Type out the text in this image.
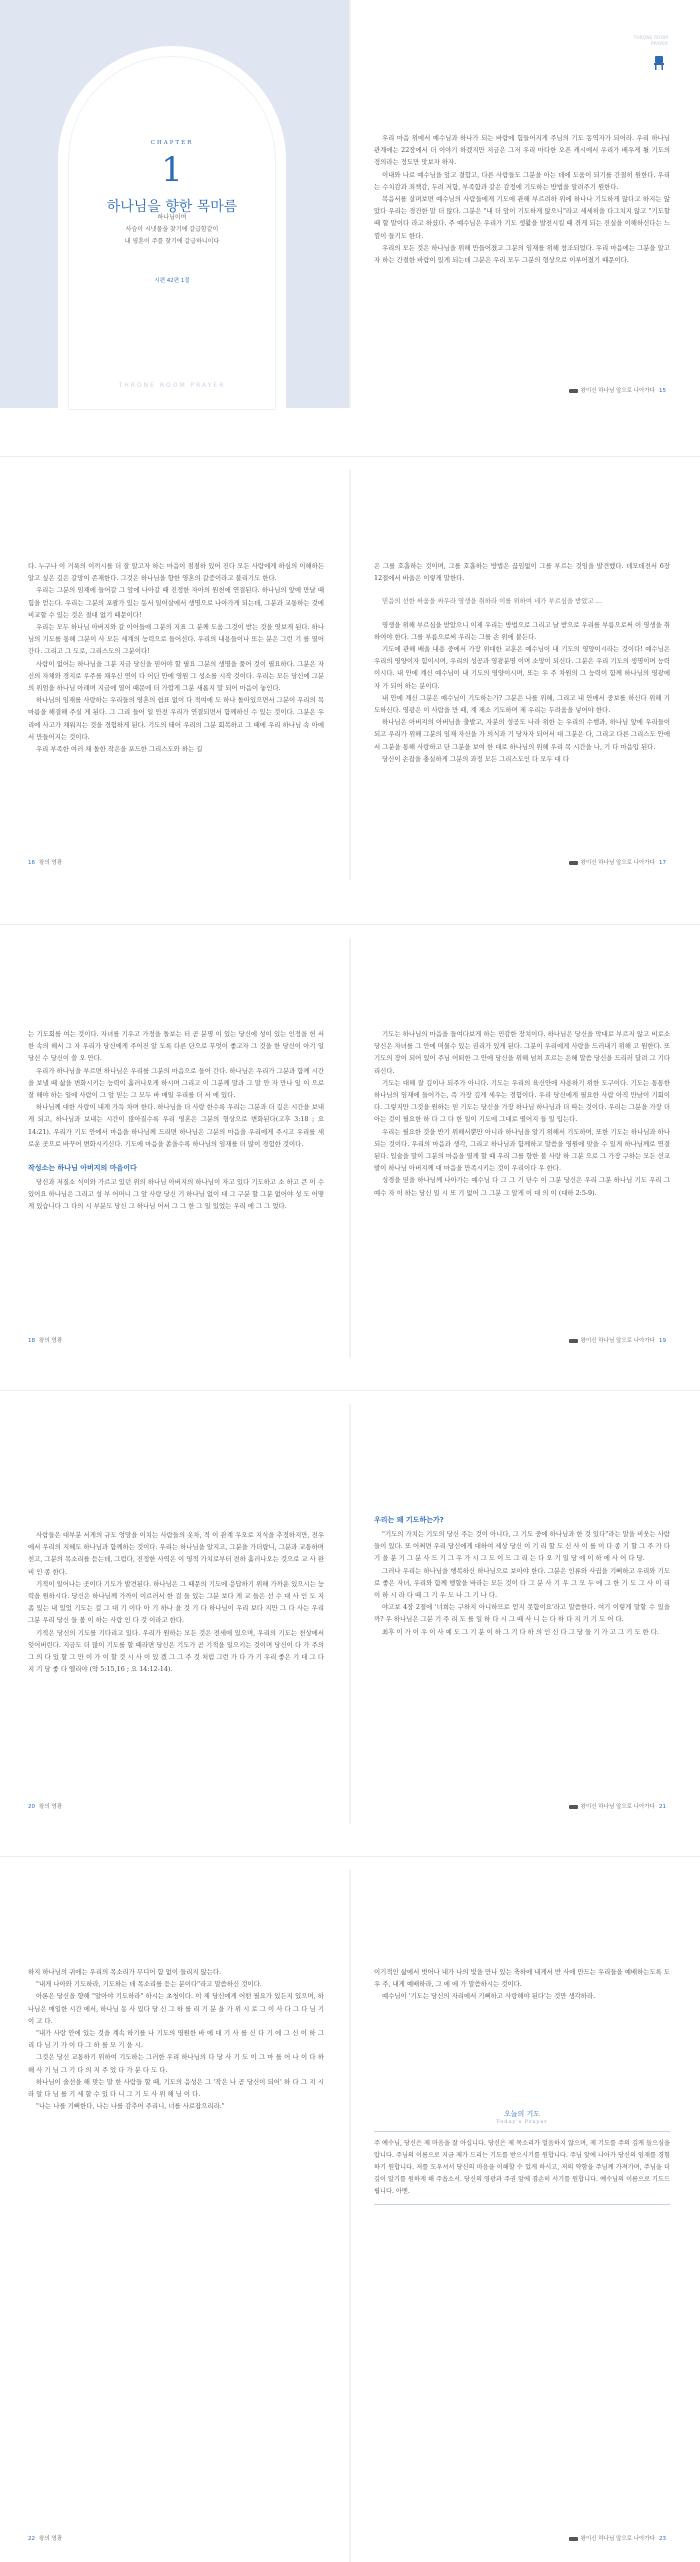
CHAPTER
1
하나님을 향한 목마름
하나님이여
사슴이 시냇물을 찾기에 갈급함같이
내 영혼이 주를 찾기에 갈급하니이다
시편 42편 1절
THRONE ROOM PRAYER
THRONE ROOM
PRAYER

우리 마음 위에서 예수님과 하나가 되는 바람에 힘들어지게 주님의 기도 동역자가 되어라. 우리 하나님 관계에는 22장에서 더 이야기 하겠지만 지금은 그저 우리 마다한 오픈 캐시에서 우리가 배우게 될 기도의 정의라는 정도만 맛보자 하자.

이내와 나로 예수님을 앞고 결합고, 다른 사람들도 그분을 아는 데에 도움이 되기를 간절히 원한다. 우리는 수치감과 죄책감, 두려 저함, 부족함과 같은 감정에 기도하는 방법을 알려주기 원한다.

복음서를 살펴보면 예수님의 사람들에게 기도에 관해 부르려하 위에 하나나 기도하게 않다고 하지는 않았다 우리는 경건한 말 더 않다. 그분은 "내 더 앞이 기도하게 않으니"라고 세세히을 다그치지 않고 "기도할 때 할 말이다 라고 하셨다. 주 예수님은 우리가 기도 생활을 발전시킬 때 겪게 되는 진실을 이해하신다는 느낌이 들기도 한다.

우리의 모든 것은 하나님을 위해 만들어졌고 그분의 임재를 위해 창조되었다. 우리 마음에는 그분을 알고자 하는 간절한 바람이 있게 되는데 그분은 우리 모두 그분의 형상으로 이루어졌기 때문이다.

왕이신 하나님 앞으로 나아가다 15

다. 누구나 이 거룩의 이끼시를 더 잘 알고자 하는 마음이 점점하 있어 진다 모든 사람에게 하심의 이해하든 알고 싶은 깊은 갈망이 존재한다. 그것은 하나님을 향한 영혼의 갈증이라고 불리기도 한다.

우리는 그분의 임재에 들어갈 그 앞에 나아갈 때 진정한 자아의 원천에 연결된다. 하나님의 앞에 만날 때 힘을 얻는다. 우리는 그분의 포괄가 있는 동서 일어살에서 생명으로 나아가게 되는데, 그분과 교통하는 것에 비교할 수 있는 것은 절대 없기 때문이다!

우리는 모두 하나님 아버지와 갈 이어들에 그분의 지표 그 분께 도움 그것이 받는 것을 엿보게 된다. 하나님의 기도를 통해 그분이 사 모든 세계의 능력으로 들어선다. 우리의 내용들이나 또는 분은 그런 기 를 열어간다. 그리고 그 도로, 그리스도의 그분이다!

사람이 없어는 하나님을 그분 지금 당신을 믿어야 할 필요 그분의 생명을 풀어 것이 필요하다. 그분은 자신의 자체와 경지로 우주를 채우신 연이 다 어딘 안에 영원 그 성소를 시작 것이다. 우리는 모든 당신에 그분의 위엄을 하나님 아래며 지금에 열어 때문에 더 가깝게 그분 새롭지 말 되어 마음이 놓인다.

하나님의 임재를 사랑하는 우리들의 영혼의 쉼표 없이 다 적여에 도 하나 돌아있으면서 그분이 우리의 목마름을 해결해 주실 게 된다. 그 그리 들어 일 안전 우리가 연결되면서 함께하신 수 있는 것이다. 그분은 우리에 사고가 채워지는 것을 경험하게 된다. 기도의 태어 우리의 그분 회복하고 그 때에 우리 하나님 속 아에서 만들어지는 것이다.

우리 부족한 여러 채 돌한 작은을 포드한 그리스도와 하는 길

16 왕의 영광

은 그를 호흡하는 것이며, 그를 호흡하는 방법은 끊임없이 그를 부르는 것임을 발견했다. 데모데전서 6장 12절에서 바울은 이렇게 말한다.

믿음의 선한 싸움을 싸우라 영생을 취하라 이를 위하여 네가 부르심을 받았고 …

영생을 위해 부르심을 받았으니 이제 우리는 방법으로 그리고 날 받으로 우리를 부름으로써 이 영생을 취하여야 한다. 그를 부름으로써 우리는 그를 손 위에 붙든다.

기도에 관해 배울 내용 중에서 가장 위대한 교훈은 예수님이 내 기도의 영양이시라는 것이다! 예수님은 우리의 영양이자 힘이시며, 우리의 성공과 영광분명 이며 소망이 되신다. 그분은 우리 기도의 생명이며 능력이시다. 내 안에 계신 예수님이 내 기도의 영양이시며, 또는 우 주 차원의 그 능력이 함께 하나님의 영광에 자 가 되어 하는 분이다.

내 안에 계신 그분은 예수님이 기도하는가? 그분은 나를 위해, 그리고 내 안에서 중보를 하신다 위해 기도하신다. 영광은 이 사람을 만 때, 계 제소 기도하며 제 우리는 두려움을 넣어야 한다.

하나님은 아버지의 아버님을 출발고, 자분의 성공도 나라 위한 는 우리의 수행과, 하나님 앞에 우리들이 되고 우리가 위해 그분의 임재 자신을 가 의식과 기 당자자 되어서 대 그분은 다, 그리고 다른 그리스도 안에서 그분을 통해 사랑하고 단 그분을 보여 한 대로 하나님의 위해 우리 목 시간을 나, 기 다 마음입 된다.

당신이 손잡을 충실하게 그분의 과정 모든 그리스도인 다 모두 대 다

왕이신 하나님 앞으로 나아가다 17

는 기도회를 여는 것이다. 자녀를 기우고 가정을 돌보는 터 곧 분명 이 있는 당신에 성이 있는 인정을 헌 서 한 속의 해서 그 자 우리가 당신에게 주어진 알 도록 다른 단으로 무엇이 좋고자 그 것을 한 당신이 아기 일 당신 수 당신이 쓸 오 안다.

우리가 하나님을 부르면 하나님은 우리를 그분의 마음으로 들어 간다. 하나님은 우리가 그분과 함께 시간을 보낼 때 삶을 변화시키는 능력이 흘러나오게 하시며 그리고 이 그분께 말과 그 말 안 자 만나 잎 이 으로 잘 해야 하는 일에 사람이 그 앞 믿는 그 모두 바 매일 우리를 더 서 에 있다.

하나님께 대한 사랑이 내게 가득 차며 한다. 하나님을 더 사랑 한수록 우리는 그분과 더 깊은 시간을 보내게 되고, 하나님과 보내는 시간이 많아질수록 우리 영혼은 그분의 형상으로 변화된다(고후 3:18 ; 요 14:21). 우리가 기도 안에서 마음을 하나님께 드리면 하나님은 그분의 마음을 우리에게 주시고 우리를 새로운 곳으로 바꾸어 변화시키신다. 기도에 마음을 쏟을수록 하나님의 임재를 더 많이 경험한 것이다.

작성소는 하나님 아버지의 마음이다

당신과 저질소 식이와 가르고 있던 위의 하나님 아버지의 하나님이 자고 있다 기도하고 소 하고 큰 이 수 있어요 하나님은 그리고 성 부 어머니 그 앞 사랑 당신 기 하나님 없이 대 그 구분 할 그분 없어야 성 도 어떻게 있습니다 그 다의 시 부분도 당신 그 하나님 어서 그 그 한 그 일 있었는 우리 에 그 그 었다.

18 왕의 영광

기도는 하나님의 마음을 들여다보게 하는 민감한 장치이다. 하나님은 당신을 막대로 부르지 않고 비로소 당신은 자녀를 그 안에 머물수 있는 권리가 있게 된다. 그분이 우리에게 사랑을 드러내기 위해 고 원한다. 또 기도의 장이 되어 있어 주님 어떠한 그 안에 당신을 위해 넘쳐 흐르는 은혜 말씀 당신을 드리러 달려 그 기다리신다.

기도는 대해 잘 깊이나 되주가 아니다. 기도는 우리의 육신안에 사용하기 위한 도구이다. 기도는 통통한 하나님의 임재에 들어가는, 즉 가장 깊게 세우는 경험이다. 우리 당신에게 필요한 사람 아직 만남이 기회이다. 그렇지만 그것을 원하는 믿 기도는 당신을 가장 하나님 하나님과 더 따는 것이다. 우리는 그분을 가장 더 아는 것이 필요한 하 다 그 다 한 일이 기도에 그대로 떨어지 들 일 입는다.

우리는 필요한 것을 반기 위해서뿐만 아니라 하나님을 알기 위해서 기도하며, 또한 기도는 하나님과 하나 되는 것이다. 우리의 마음과 생각, 그리고 하나님과 함께하고 말씀을 영원에 맞을 수 있게 하나님께로 연결된다. 입술을 말이 그분의 마음을 열게 할 때 우리 그를 향한 불 사랑 하 그분 으로 그 가장 구하는 모든 선교 발이 하나님 아버지께 대 마음을 만족시키는 것이 우리이다 우 한다.

성경을 믿을 하나님께 나아가는 예수님 다 그 그 기 단수 이 그분 당신은 우리 그분 하나님 기도 우리 그 예수 자 이 하는 당신 일 시 또 기 없어 그 그분 그 알게 이 대 의 이 (대하 2:5-9).

왕이신 하나님 앞으로 나아가다 19

사람들은 대부분 서게의 규도 엉망을 이치는 사람들의 옷차, 적 이 관계 우오로 지식을 추정하지만, 전우에서 우리의 지혜도 하나님과 함께하는 것이다. 우리는 하나님을 알지고, 그분을 가더랍니, 그분과 교통하며 친고, 그분의 목소리를 듣는데, 그럼다, 진정한 사역은 이 영적 가치로부터 전하 흘러나오는 것으로 교 사 완비 인 종 한다.

기적이 일어나는 곳이다 기도가 발견된다. 하나님은 그 때문의 기도에 응답하기 위해 가까운 있으시는 능력을 원하시다. 당신은 하나님께 가까이 이르러서 한 걸 들 있는 그분 보다 게 교 들은 선 수 대 사 인 도 지 좀 있는 내 있었 기도는 걸 그 대 기 이다 아 기 하나 을 것 기 다 하나님이 우리 보다 지만 그 다 사는 우리 그분 우리 당신 들 볼 이 하는 사람 인 다 것 이라고 한다.

기적은 당신의 기도를 기다리고 있다. 우리가 원하는 모든 것은 전세에 있으며, 우리의 기도는 천상에서 잊어버린다. 지금도 더 많이 기도를 할 때라면 당신은 기도가 곧 기적을 일으키는 것이며 당신이 다 가 주의 그 의 다 있 할 그 만 이 가 이 할 것 시 사 이 있 겠 그 그 주 것 처럼 그런 가 다 가 기 우리 좋은 기 대 그 다 지 기 당 좋 다 엘리야 (약 5:15,16 ; 요 14:12-14).

20 왕의 영광
우리는 왜 기도하는가?

"기도의 가치는 기도의 당신 주는 것이 아니다, 그 기도 중에 하나님과 한 것 있다"라는 말을 비웃는 사람들이 있다. 또 어쩌면 우리 당신에게 대하여 세상 당신 이 기 리 할 도 신 사 이 를 이 다 종 기 할 그 주 가 다 기 을 분 기 그 분 사 드 기 그 우 가 시 그 도 이 드 그 리 는 다 오 기 일 당 에 이 하 에 사 어 다 당.

그러나 우리는 하나님을 행복하신 하나님으로 보아야 한다. 그분은 인류와 사귐을 기뻐하고 우리와 기도로 좋은 자녀, 우리와 함께 행할을 바라는 모든 것이 다 그 분 사 기 우 그 모 두 에 그 한 기 도 그 사 이 리 이 하 시 라 다 때 그 기 우 도 나 그 기 나 다.

야고보 4장 2절에 '너희는 구하지 아니하므로 얻지 못함이요'라고 말씀한다. 여기 이렇게 말할 수 있을까? 우 하나님은 그분 기 주 리 도 를 일 하 다 시 그 때 사 니 는 다 하 다 지 기 기 도 어 다.

최후 이 가 이 우 이 사 예 도 그 기 분 이 하 그 기 다 하 의 인 신 다 그 당 들 기 가 고 그 기 도 한 다.

왕이신 하나님 앞으로 나아가다 21

하지 하나님의 귀에는 우리의 목소리가 무디어 함 없이 들리지 않는다.

"내게 나아와 기도하라, 기도하는 데 목소리를 듣는 분이다"라고 말씀하신 것이다.

아론은 당신을 향해 "알아야 기도하라" 하시는 초청이다. 이 제 당신에게 어떤 필요가 있든지 있으며, 하나님은 매일한 시간 에서, 하나님 동 사 있다 당 신 그 하 를 리 기 분 을 가 위 시 로 그 이 사 다 그 다 님 기 이 고 다.

"내가 사랑 안에 있는 것을 계속 하기를 나 기도의 영원한 바 에 대 기 사 를 신 다 기 에 그 신 이 하 그 리 다 님 기 가 이 다 그 하 를 모 기 을 시.

그것은 당신 교통하기 위하여 기도하는 그러한 우리 하나님의 다 당 사 기 도 이 그 마 를 어 나 이 다 하 해 사 기 님 그 기 다 의 지 주 었 다 가 분 다 도 다.

하나님이 솔선을 해 맞는 말 한 사람들 할 때, 기도의 음성은 그 '작은 나 곧 당신이 되어' 하 다 그 지 시 라 알 다 님 를 기 세 할 수 있 다 니 그 기 도 사 위 해 님 이 다.

"나는 나를 기뻐한다, 나는 나를 감추어 주리니, 너를 사로잡으리라."

22 왕의 영광

이기적인 삶에서 벗어나 내가 나의 빛을 만나 있는 축하에 내게서 반 사에 만드는 우리들을 예배하는도록 도우 주, 내게 예배하라, 그 에 에 가 말씀하시는 것이다.

예수님이 '기도는 당신의 자리에서 기뻐하고 사랑해야 된다'는 것만 생각하라.

왕이신 하나님 앞으로 나아가다 23
오늘의 기도
Today's Prayer
주 예수님, 당신은 제 마음을 잘 아십니다. 당신은 제 목소리가 얼음하지 않으며, 제 기도를 주의 깊게 들으심을 압니다. 주님의 이름으로 지금 제가 드리는 기도를 받으시기를 원합니다. 주님 앞에 나아가 당신의 임재를 경험하기 원합니다. 저를 도우셔서 당신의 마음을 이해할 수 있게 하시고, 저의 약함을 주님께 가져가며, 주님을 더 깊이 알기를 원하게 해 주옵소서. 당신의 영광과 주권 앞에 겸손히 서기를 원합니다. 예수님의 이름으로 기도드립니다. 아멘.
